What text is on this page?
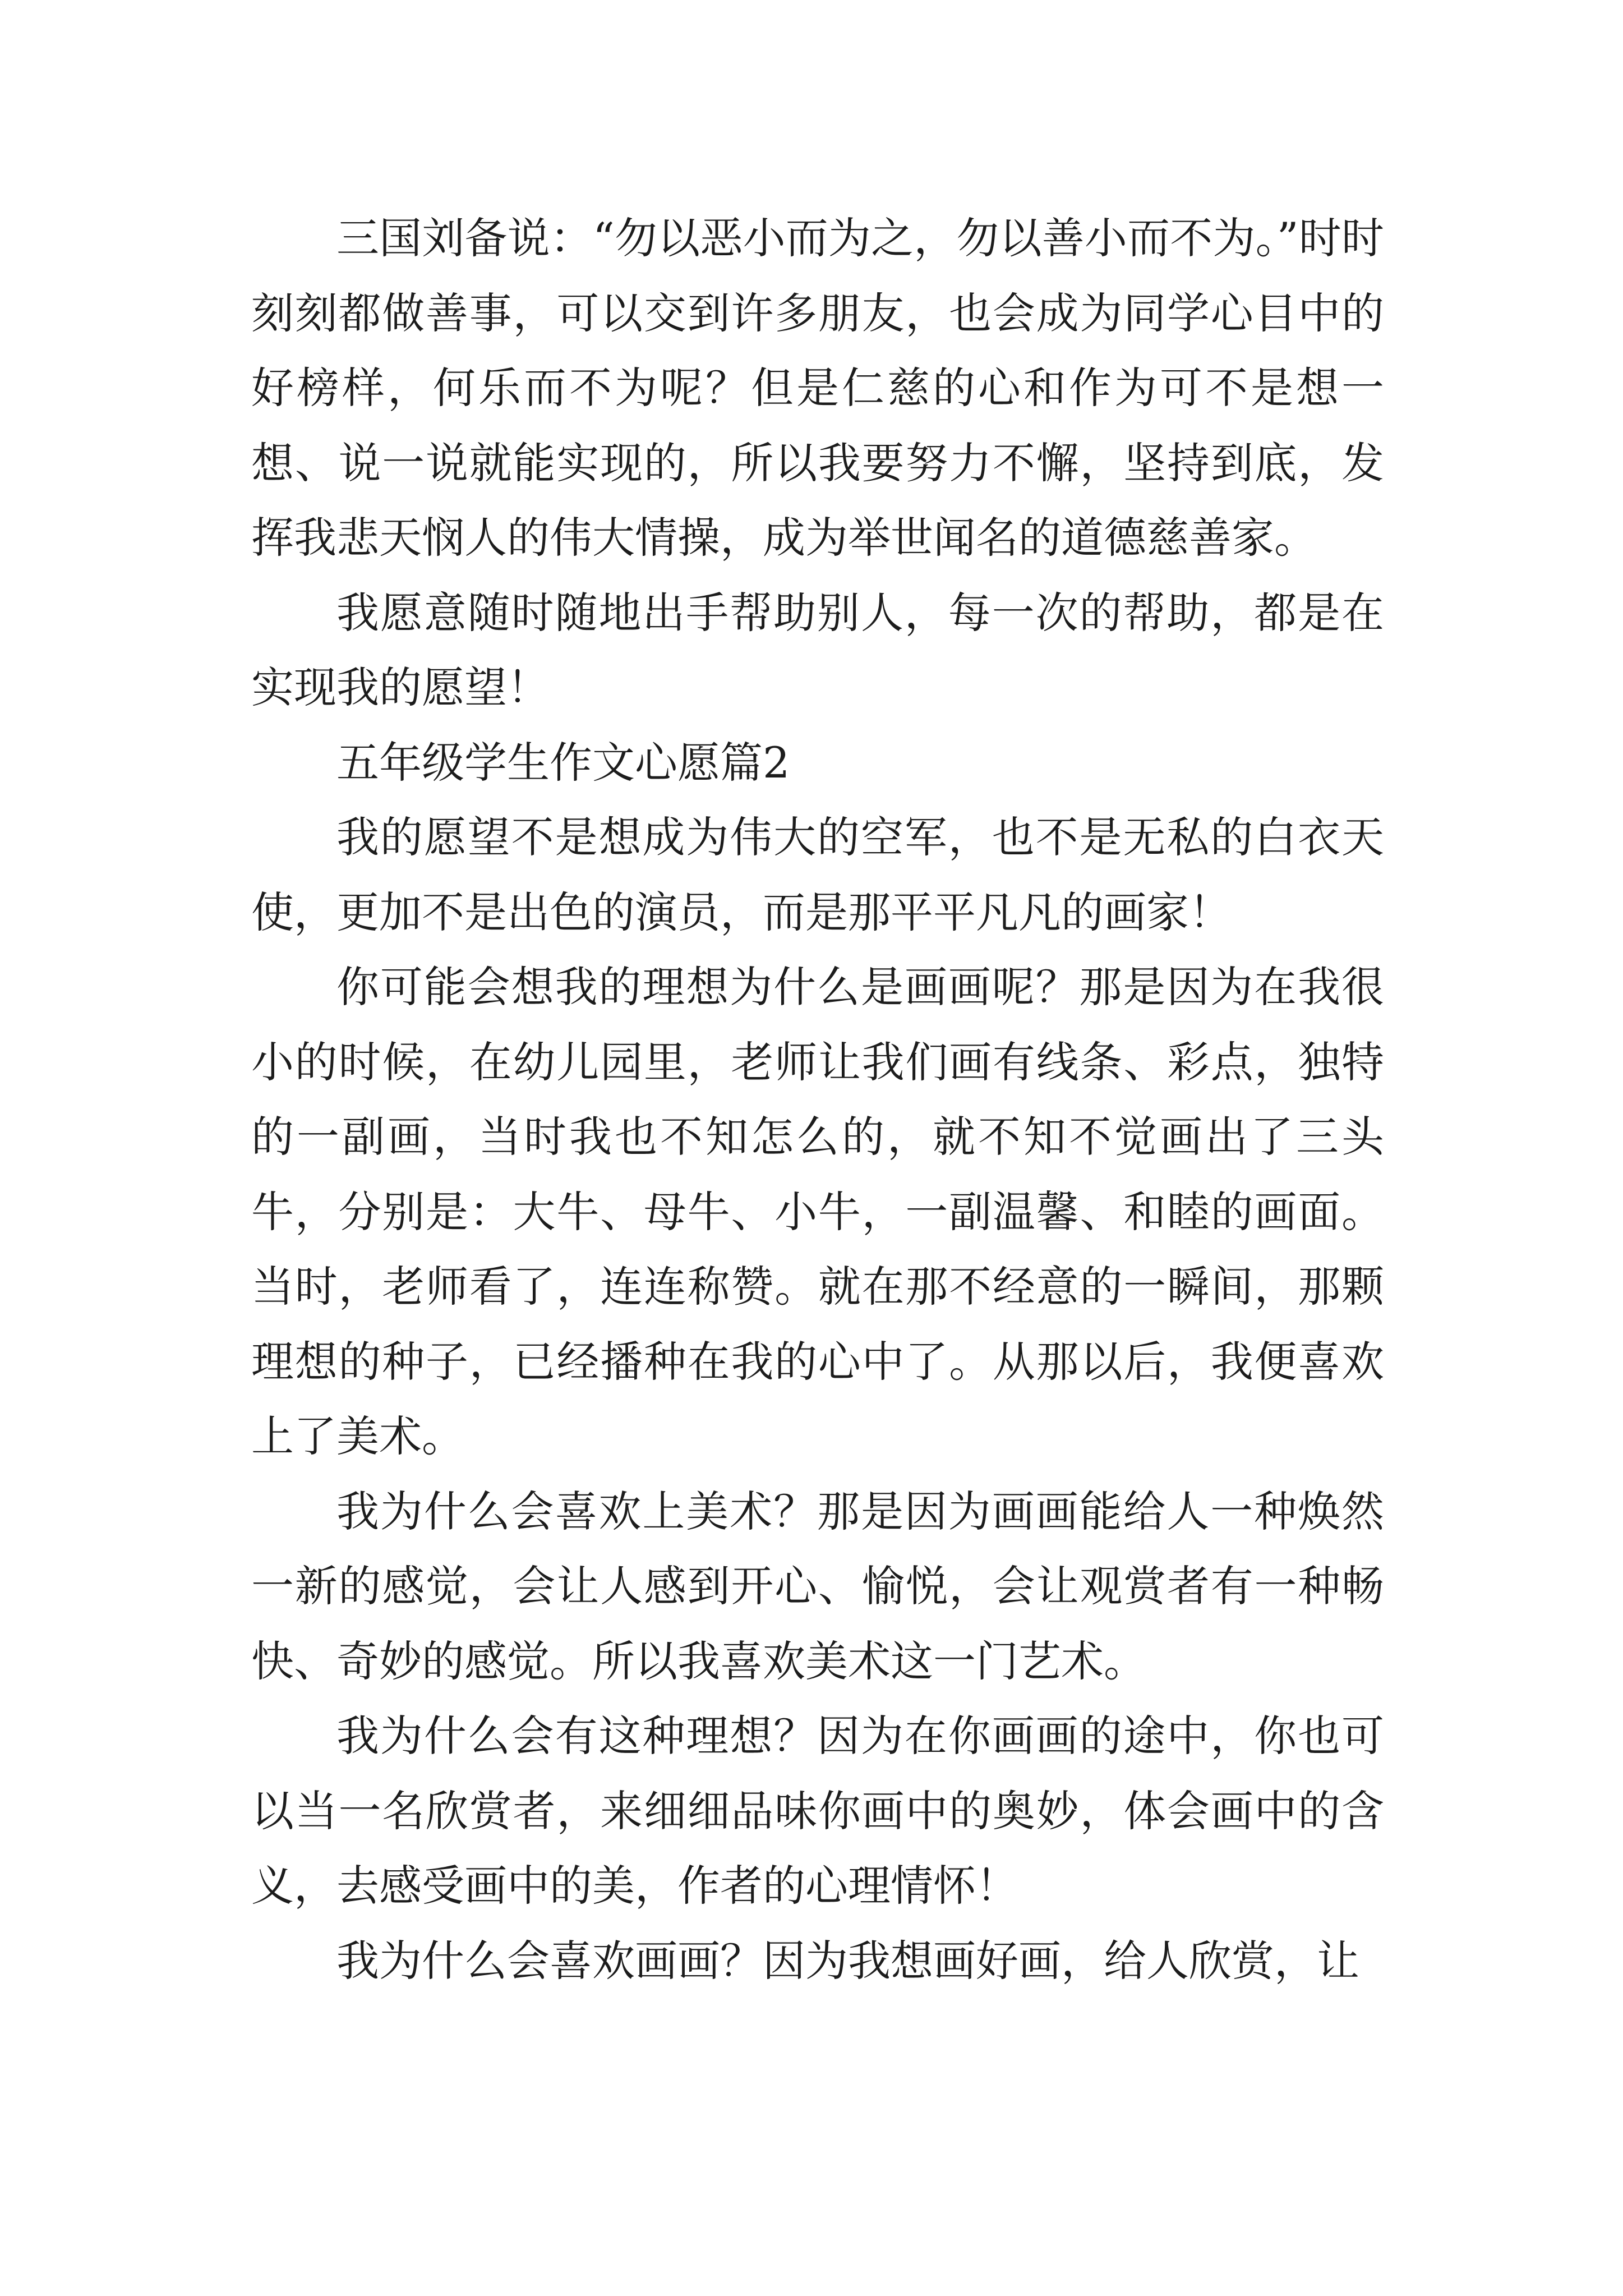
三国刘备说：“勿以恶小而为之，勿以善小而不为。”时时刻刻都做善事，可以交到许多朋友，也会成为同学心目中的好榜样，何乐而不为呢？但是仁慈的心和作为可不是想一想、说一说就能实现的，所以我要努力不懈，坚持到底，发挥我悲天悯人的伟大情操，成为举世闻名的道德慈善家。

我愿意随时随地出手帮助别人，每一次的帮助，都是在实现我的愿望！

五年级学生作文心愿篇2

我的愿望不是想成为伟大的空军，也不是无私的白衣天使，更加不是出色的演员，而是那平平凡凡的画家！

你可能会想我的理想为什么是画画呢？那是因为在我很小的时候，在幼儿园里，老师让我们画有线条、彩点，独特的一副画，当时我也不知怎么的，就不知不觉画出了三头牛，分别是：大牛、母牛、小牛，一副温馨、和睦的画面。当时，老师看了，连连称赞。就在那不经意的一瞬间，那颗理想的种子，已经播种在我的心中了。从那以后，我便喜欢上了美术。

我为什么会喜欢上美术？那是因为画画能给人一种焕然一新的感觉，会让人感到开心、愉悦，会让观赏者有一种畅快、奇妙的感觉。所以我喜欢美术这一门艺术。

我为什么会有这种理想？因为在你画画的途中，你也可以当一名欣赏者，来细细品味你画中的奥妙，体会画中的含义，去感受画中的美，作者的心理情怀！

我为什么会喜欢画画？因为我想画好画，给人欣赏，让
